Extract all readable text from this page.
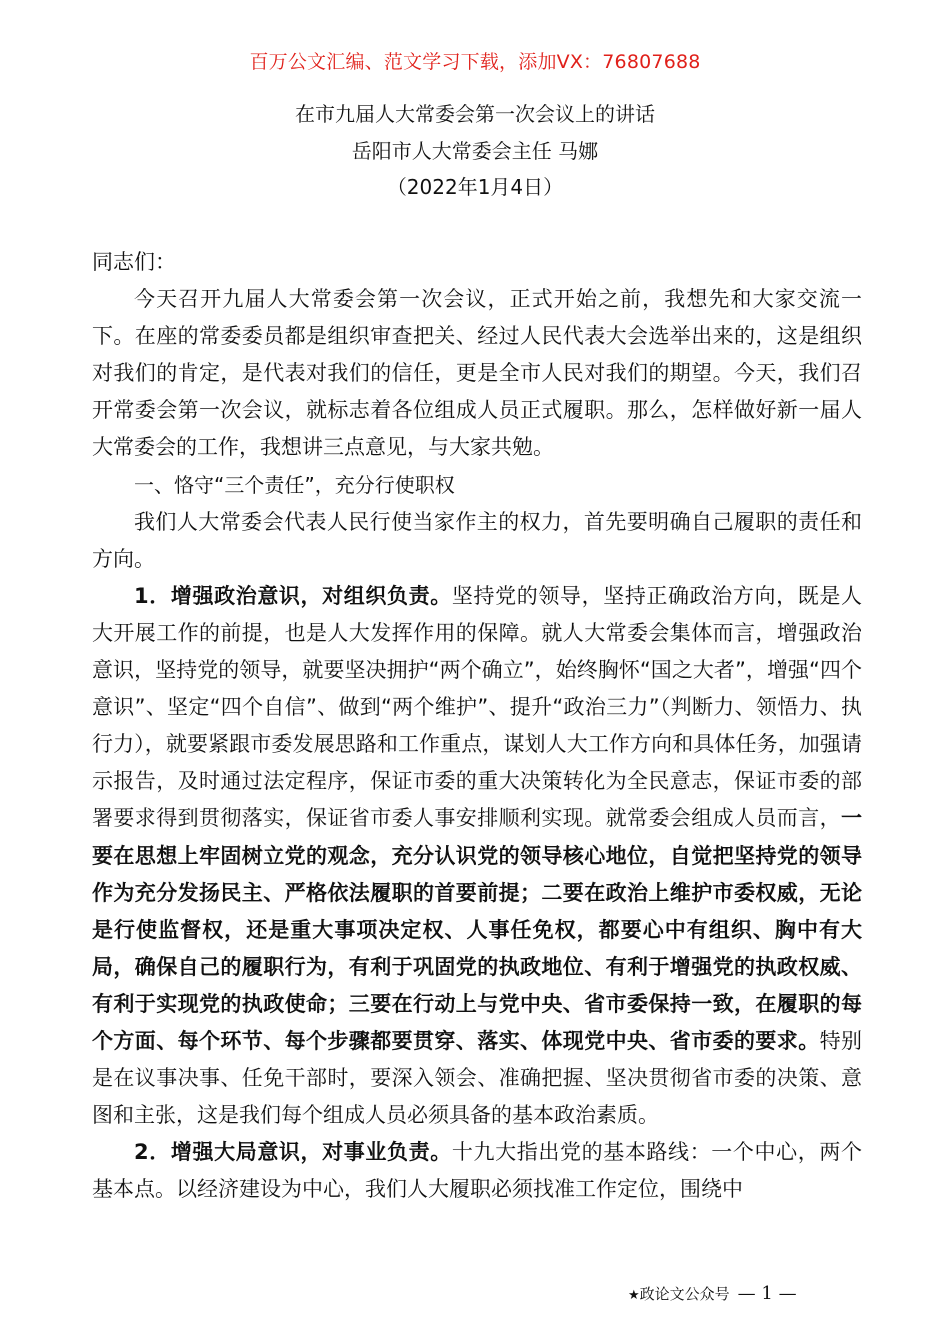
百万公文汇编、范文学习下载，添加VX：76807688
在市九届人大常委会第一次会议上的讲话
岳阳市人大常委会主任 马娜
（2022年1月4日）

同志们：

今天召开九届人大常委会第一次会议，正式开始之前，我想先和大家交流一下。在座的常委委员都是组织审查把关、经过人民代表大会选举出来的，这是组织对我们的肯定，是代表对我们的信任，更是全市人民对我们的期望。今天，我们召开常委会第一次会议，就标志着各位组成人员正式履职。那么，怎样做好新一届人大常委会的工作，我想讲三点意见，与大家共勉。

一、恪守“三个责任”，充分行使职权

我们人大常委会代表人民行使当家作主的权力，首先要明确自己履职的责任和方向。

1．增强政治意识，对组织负责。坚持党的领导，坚持正确政治方向，既是人大开展工作的前提，也是人大发挥作用的保障。就人大常委会集体而言，增强政治意识，坚持党的领导，就要坚决拥护“两个确立”，始终胸怀“国之大者”，增强“四个意识”、坚定“四个自信”、做到“两个维护”、提升“政治三力”（判断力、领悟力、执行力），就要紧跟市委发展思路和工作重点，谋划人大工作方向和具体任务，加强请示报告，及时通过法定程序，保证市委的重大决策转化为全民意志，保证市委的部署要求得到贯彻落实，保证省市委人事安排顺利实现。就常委会组成人员而言，一要在思想上牢固树立党的观念，充分认识党的领导核心地位，自觉把坚持党的领导作为充分发扬民主、严格依法履职的首要前提；二要在政治上维护市委权威，无论是行使监督权，还是重大事项决定权、人事任免权，都要心中有组织、胸中有大局，确保自己的履职行为，有利于巩固党的执政地位、有利于增强党的执政权威、有利于实现党的执政使命；三要在行动上与党中央、省市委保持一致，在履职的每个方面、每个环节、每个步骤都要贯穿、落实、体现党中央、省市委的要求。特别是在议事决事、任免干部时，要深入领会、准确把握、坚决贯彻省市委的决策、意图和主张，这是我们每个组成人员必须具备的基本政治素质。

2．增强大局意识，对事业负责。十九大指出党的基本路线：一个中心，两个基本点。以经济建设为中心，我们人大履职必须找准工作定位，围绕中

★政论文公众号 — 1 —
